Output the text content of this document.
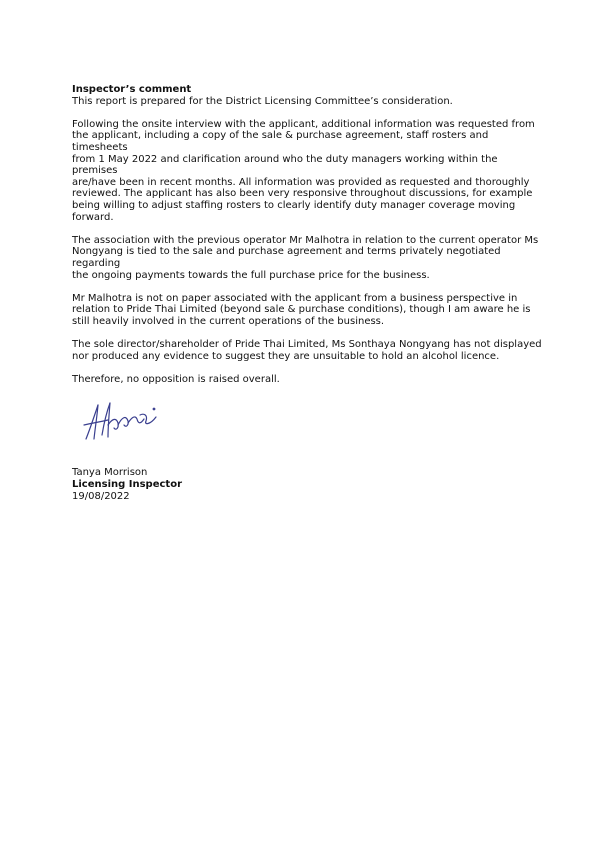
Inspector’s comment

This report is prepared for the District Licensing Committee’s consideration.

Following the onsite interview with the applicant, additional information was requested from
the applicant, including a copy of the sale & purchase agreement, staff rosters and timesheets
from 1 May 2022 and clarification around who the duty managers working within the premises
are/have been in recent months. All information was provided as requested and thoroughly
reviewed. The applicant has also been very responsive throughout discussions, for example
being willing to adjust staffing rosters to clearly identify duty manager coverage moving
forward.

The association with the previous operator Mr Malhotra in relation to the current operator Ms
Nongyang is tied to the sale and purchase agreement and terms privately negotiated regarding
the ongoing payments towards the full purchase price for the business.

Mr Malhotra is not on paper associated with the applicant from a business perspective in
relation to Pride Thai Limited (beyond sale & purchase conditions), though I am aware he is
still heavily involved in the current operations of the business.

The sole director/shareholder of Pride Thai Limited, Ms Sonthaya Nongyang has not displayed
nor produced any evidence to suggest they are unsuitable to hold an alcohol licence.

Therefore, no opposition is raised overall.

Tanya Morrison
Licensing Inspector
19/08/2022
